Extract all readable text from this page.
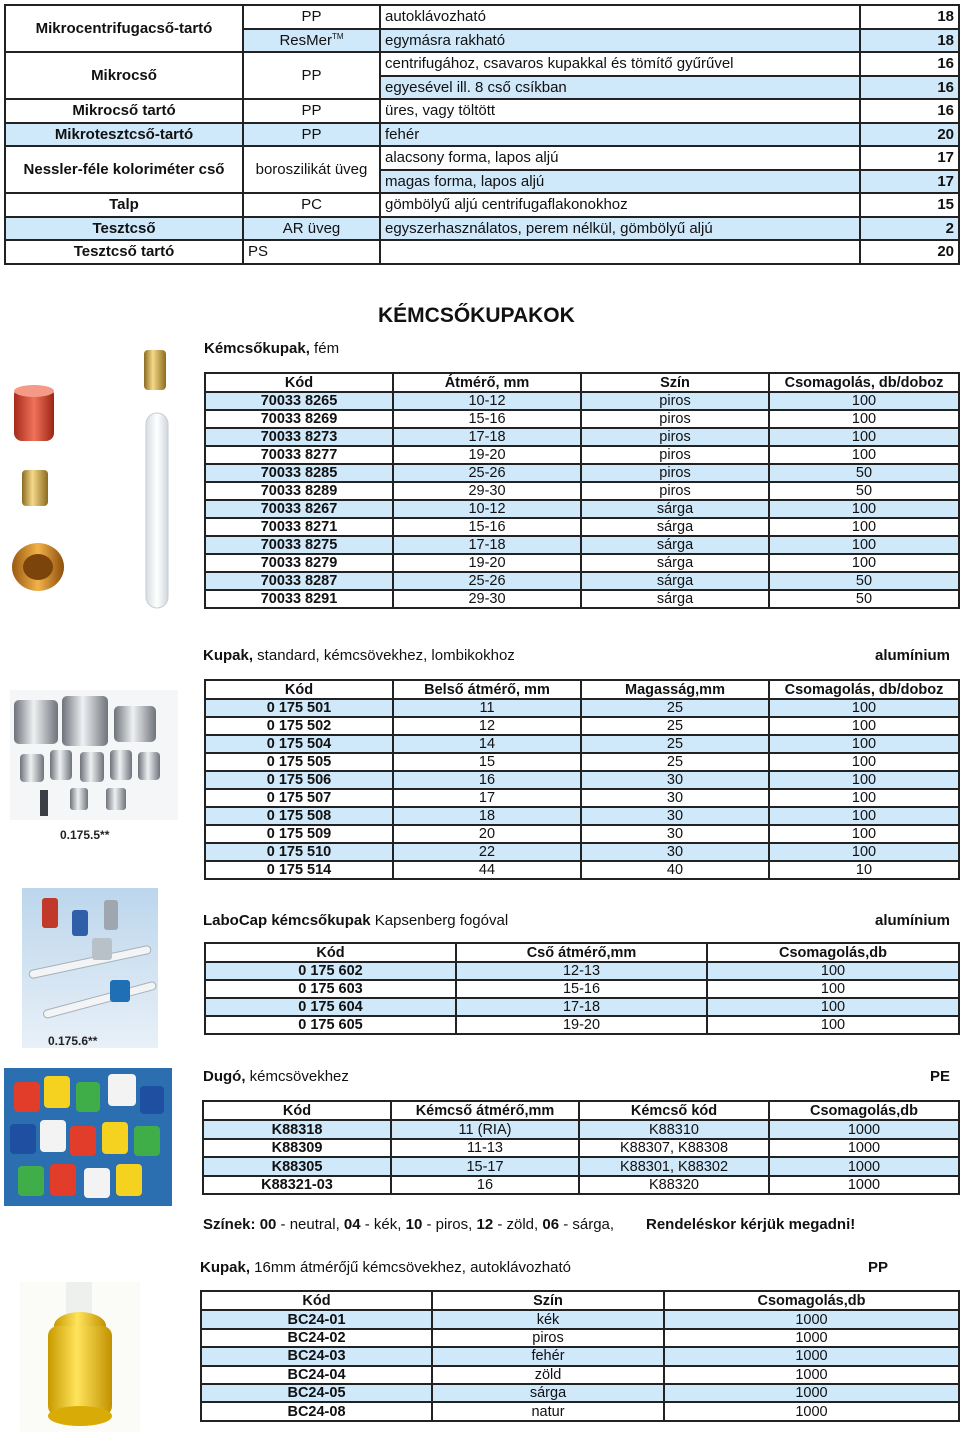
Mikrocentrifugacső-tartó	PP	autoklávozható	18
	ResMer™	egymásra rakható	18
Mikrocső	PP	centrifugához, csavaros kupakkal és tömítő gyűrűvel	16
		egyesével ill. 8 cső csíkban	16
Mikrocső tartó	PP	üres, vagy töltött	16
Mikrotesztcső-tartó	PP	fehér	20
Nessler-féle koloriméter cső	boroszilikát üveg	alacsony forma, lapos aljú	17
		magas forma, lapos aljú	17
Talp	PC	gömbölyű aljú centrifugaflakonokhoz	15
Tesztcső	AR üveg	egyszerhasználatos, perem nélkül, gömbölyű aljú	2
Tesztcső tartó	PS		20
KÉMCSŐKUPAKOK
Kémcsőkupak, fém
Kód	Átmérő, mm	Szín	Csomagolás, db/doboz
70033 8265	10-12	piros	100
70033 8269	15-16	piros	100
70033 8273	17-18	piros	100
70033 8277	19-20	piros	100
70033 8285	25-26	piros	50
70033 8289	29-30	piros	50
70033 8267	10-12	sárga	100
70033 8271	15-16	sárga	100
70033 8275	17-18	sárga	100
70033 8279	19-20	sárga	100
70033 8287	25-26	sárga	50
70033 8291	29-30	sárga	50
Kupak, standard, kémcsövekhez, lombikokhoz	alumínium
0.175.5**
Kód	Belső átmérő, mm	Magasság,mm	Csomagolás, db/doboz
0 175 501	11	25	100
0 175 502	12	25	100
0 175 504	14	25	100
0 175 505	15	25	100
0 175 506	16	30	100
0 175 507	17	30	100
0 175 508	18	30	100
0 175 509	20	30	100
0 175 510	22	30	100
0 175 514	44	40	10
LaboCap kémcsőkupak Kapsenberg fogóval	alumínium
0.175.6**
Kód	Cső átmérő,mm	Csomagolás,db
0 175 602	12-13	100
0 175 603	15-16	100
0 175 604	17-18	100
0 175 605	19-20	100
Dugó, kémcsövekhez	PE
Kód	Kémcső átmérő,mm	Kémcső kód	Csomagolás,db
K88318	11 (RIA)	K88310	1000
K88309	11-13	K88307, K88308	1000
K88305	15-17	K88301, K88302	1000
K88321-03	16	K88320	1000
Színek: 00 - neutral, 04 - kék, 10 - piros, 12 - zöld, 06 - sárga, Rendeléskor kérjük megadni!
Kupak, 16mm átmérőjű kémcsövekhez, autoklávozható	PP
Kód	Szín	Csomagolás,db
BC24-01	kék	1000
BC24-02	piros	1000
BC24-03	fehér	1000
BC24-04	zöld	1000
BC24-05	sárga	1000
BC24-08	natur	1000
